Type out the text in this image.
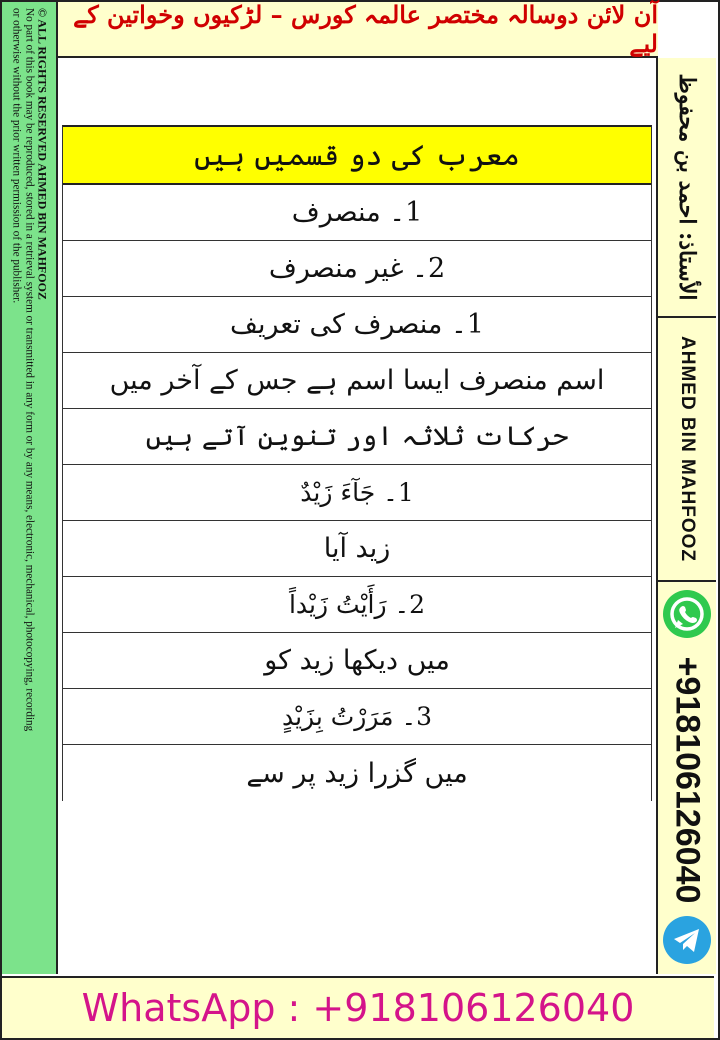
آن لائن دوسالہ مختصر عالمہ کورس – لڑکیوں وخواتین کے لیے
© ALL RIGHTS RESERVED AHMED BIN MAHFOOZ
No part of this book may be reproduced, stored in a retrieval system or transmitted in any form or by any means, electronic, mechanical, photocopying, recording
or otherwise without the prior written permission of the publisher.	الأستاذ: احمد بن محفوظ
AHMED BIN MAHFOOZ
+918106126040
معرب کی دو قسمیں ہیں
1۔ منصرف
2۔ غیر منصرف
1۔ منصرف کی تعریف
اسم منصرف ایسا اسم ہے جس کے آخر میں
حرکات ثلاثہ اور تنوین آتے ہیں
1۔ جَآءَ زَیْدٌ
زید آیا
2۔ رَأَیْتُ زَیْداً
میں دیکھا زید کو
3۔ مَرَرْتُ بِزَیْدٍ
میں گزرا زید پر سے
WhatsApp : +918106126040
